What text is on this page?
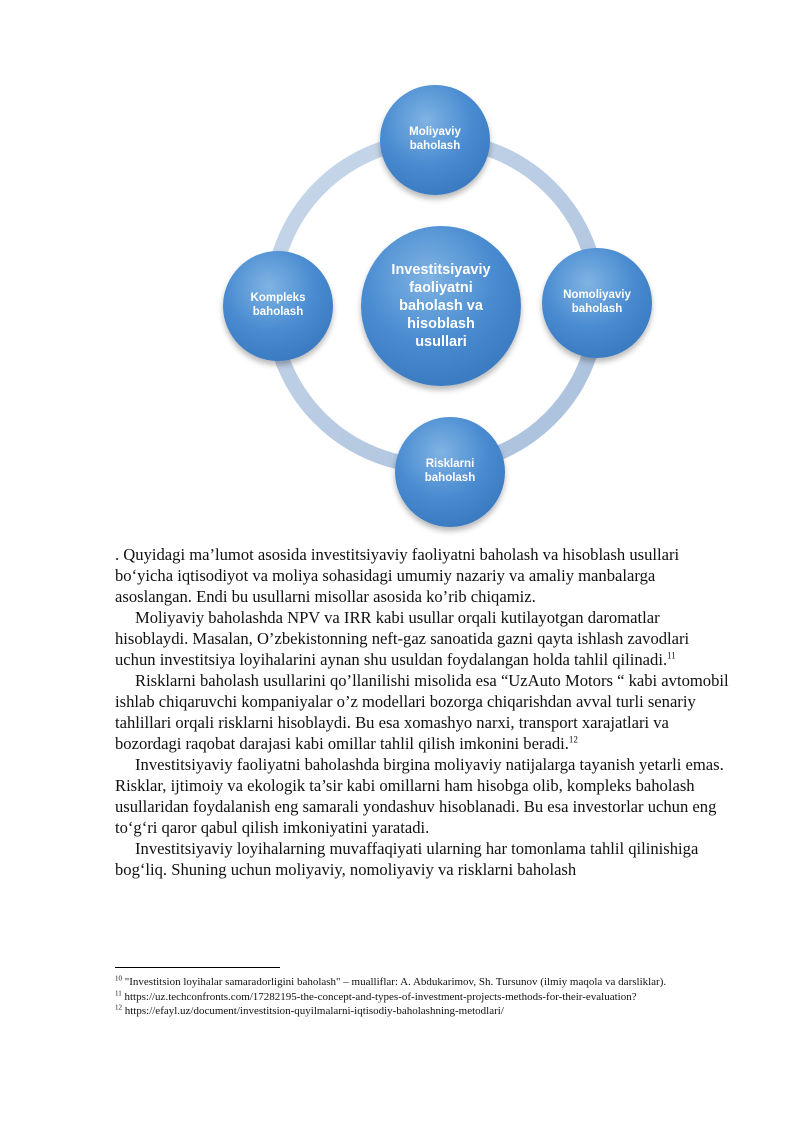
Moliyaviy
baholash
Nomoliyaviy
baholash
Risklarni
baholash
Kompleks
baholash
Investitsiyaviy
faoliyatni
baholash va
hisoblash
usullari

. Quyidagi ma’lumot asosida investitsiyaviy faoliyatni baholash va hisoblash usullari bo‘yicha iqtisodiyot va moliya sohasidagi umumiy nazariy va amaliy manbalarga asoslangan. Endi bu usullarni misollar asosida ko’rib chiqamiz.

Moliyaviy baholashda NPV va IRR kabi usullar orqali kutilayotgan daromatlar hisoblaydi. Masalan, O’zbekistonning neft-gaz sanoatida gazni qayta ishlash zavodlari uchun investitsiya loyihalarini aynan shu usuldan foydalangan holda tahlil qilinadi.$^{11}$

Risklarni baholash usullarini qo’llanilishi misolida esa “UzAuto Motors “ kabi avtomobil ishlab chiqaruvchi kompaniyalar o’z modellari bozorga chiqarishdan avval turli senariy tahlillari orqali risklarni hisoblaydi. Bu esa xomashyo narxi, transport xarajatlari va bozordagi raqobat darajasi kabi omillar tahlil qilish imkonini beradi.$^{12}$

Investitsiyaviy faoliyatni baholashda birgina moliyaviy natijalarga tayanish yetarli emas. Risklar, ijtimoiy va ekologik ta’sir kabi omillarni ham hisobga olib, kompleks baholash usullaridan foydalanish eng samarali yondashuv hisoblanadi. Bu esa investorlar uchun eng to‘g‘ri qaror qabul qilish imkoniyatini yaratadi.

Investitsiyaviy loyihalarning muvaffaqiyati ularning har tomonlama tahlil qilinishiga bog‘liq. Shuning uchun moliyaviy, nomoliyaviy va risklarni baholash

$^{10}$ "Investitsion loyihalar samaradorligini baholash" – mualliflar: A. Abdukarimov, Sh. Tursunov (ilmiy maqola va darsliklar).

$^{11}$ https://uz.techconfronts.com/17282195-the-concept-and-types-of-investment-projects-methods-for-their-evaluation?

$^{12}$ https://efayl.uz/document/investitsion-quyilmalarni-iqtisodiy-baholashning-metodlari/
